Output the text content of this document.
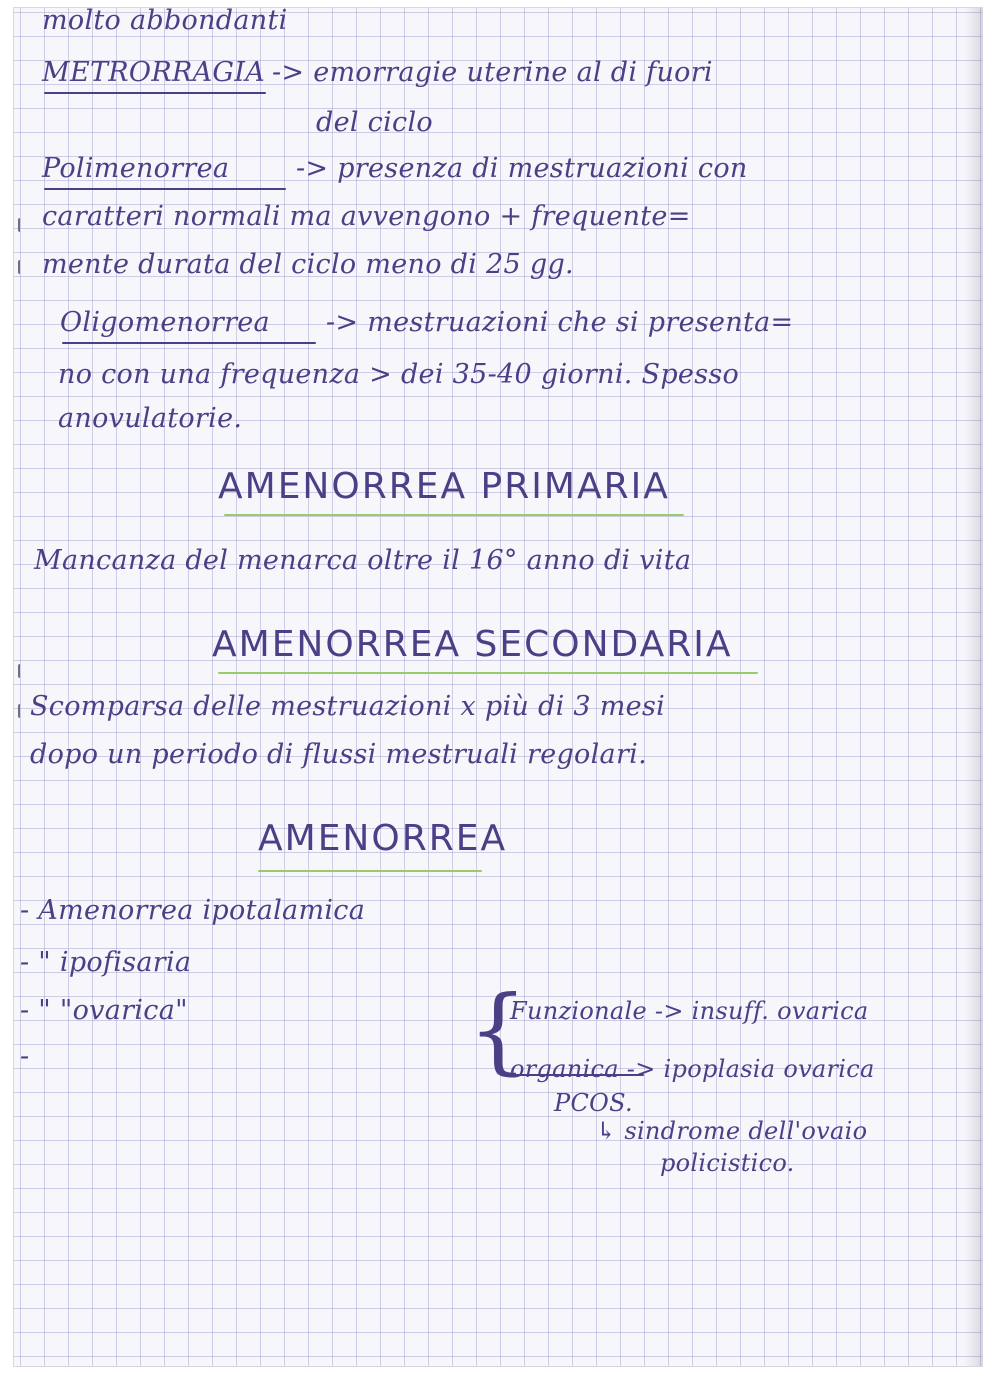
molto abbondanti

METRORRAGIA -> emorragie uterine al di fuori

del ciclo

Polimenorrea -> presenza di mestruazioni con

caratteri normali ma avvengono + frequente=

mente durata del ciclo meno di 25 gg.

Oligomenorrea -> mestruazioni che si presenta=

no con una frequenza > dei 35-40 giorni. Spesso

anovulatorie.

AMENORREA PRIMARIA

Mancanza del menarca oltre il 16° anno di vita

AMENORREA SECONDARIA

Scomparsa delle mestruazioni x più di 3 mesi

dopo un periodo di flussi mestruali regolari.

AMENORREA

- Amenorrea ipotalamica

- " ipofisaria

- " "ovarica"

-	{

Funzionale -> insuff. ovarica

organica -> ipoplasia ovarica

PCOS.

↳ sindrome dell'ovaio

policistico.
